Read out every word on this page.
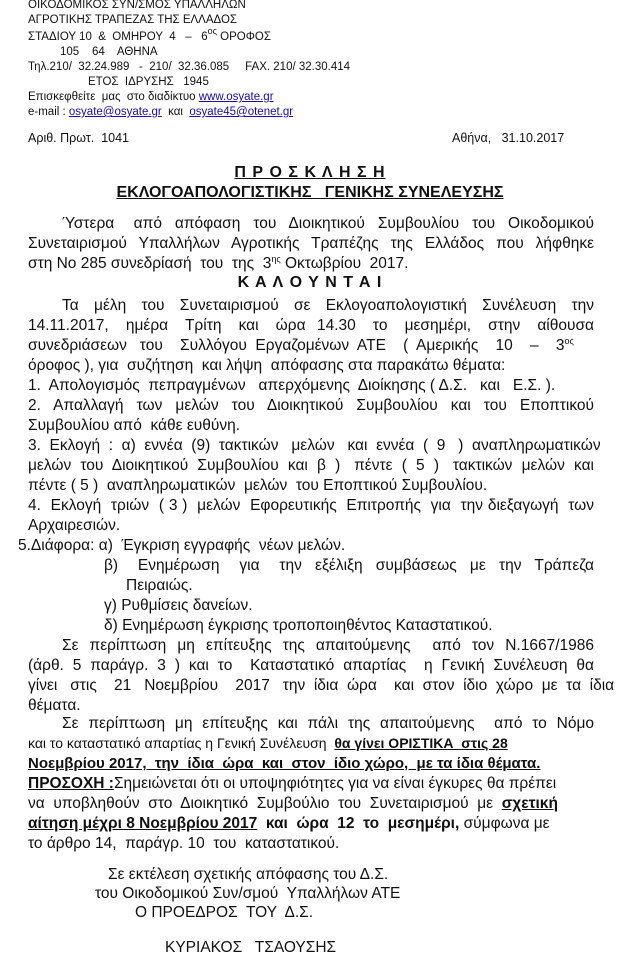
ΟΙΚΟΔΟΜΙΚΟΣ ΣΥΝ/ΣΜΟΣ ΥΠΑΛΛΗΛΩΝ
ΑΓΡΟΤΙΚΗΣ ΤΡΑΠΕΖΑΣ ΤΗΣ ΕΛΛΑΔΟΣ
ΣΤΑΔΙΟΥ 10  &  ΟΜΗΡΟΥ  $4 - 6^{o\varsigma}$ ΟΡΟΦΟΣ
105    64    ΑΘΗΝΑ
Τηλ.210/  32.24.989   -  210/  32.36.085     FAX. 210/ 32.30.414
ΕΤΟΣ  ΙΔΡΥΣΗΣ   1945
Επισκεφθείτε  μας  στο διαδίκτυο www.osyate.gr
e-mail : osyate@osyate.gr  και  osyate45@otenet.gr
Αριθ. Πρωτ.  1041	Αθήνα,   31.10.2017
Π Ρ Ο Σ Κ Λ Η Σ Η
ΕΚΛΟΓΟΑΠΟΛΟΓΙΣΤΙΚΗΣ   ΓΕΝΙΚΗΣ ΣΥΝΕΛΕΥΣΗΣ
Ύστερα   από  απόφαση  του  Διοικητικού  Συμβουλίου  του  Οικοδομικού
Συνεταιρισμού  Υπαλλήλων  Αγροτικής  Τραπέζης  της  Ελλάδος  που  λήφθηκε
στη No 285 συνεδρίασή  του  της  $3^{\eta\varsigma}$ Οκτωβρίου  2017.
Κ Α Λ Ο Υ Ν Τ Α Ι
Τα  μέλη  του  Συνεταιρισμού  σε  Εκλογοαπολογιστική  Συνέλευση  την
14.11.2017,   ημέρα   Τρίτη   και   ώρα  14.30   το   μεσημέρι,   στην   αίθουσα
συνεδριάσεων   του    Συλλόγου  Εργαζομένων  ΑΤΕ    (  Αμερικής    10    –    $3^{o\varsigma}$
όροφος ), για  συζήτηση  και λήψη  απόφασης στα παρακάτω θέματα:
1.  Απολογισμός  πεπραγμένων   απερχόμενης  Διοίκησης ( Δ.Σ.   και   Ε.Σ. ).
2.  Απαλλαγή  των  μελών  του  Διοικητικού  Συμβουλίου  και  του  Εποπτικού
Συμβουλίου από  κάθε ευθύνη.
3.  Εκλογή  :  α)  εννέα  (9)  τακτικών   μελών   και  εννέα  (  9   )  αναπληρωματικών
μελών  του  Διοικητικού  Συμβουλίου  και  β  )   πέντε  (  5  )   τακτικών  μελών  και
πέντε ( 5 )  αναπληρωματικών  μελών  του Εποπτικού Συμβουλίου.
4.  Εκλογή  τριών  ( 3 )  μελών  Εφορευτικής  Επιτροπής  για  την διεξαγωγή  των
Αρχαιρεσιών.
5.Διάφορα: α)  Έγκριση εγγραφής  νέων μελών.
β)   Ενημέρωση   για   την  εξέλιξη  συμβάσεως  με  την  Τράπεζα
Πειραιώς.
γ) Ρυθμίσεις δανείων.
δ) Ενημέρωση έγκρισης τροποποιηθέντος Καταστατικού.
Σε  περίπτωση  μη  επίτευξης  της  απαιτούμενης    από  τον  Ν.1667/1986
(άρθ.  5  παράγρ.  3  )  και  το    Καταστατικό  απαρτίας    η  Γενική  Συνέλευση  θα
γίνει   στις    21   Νοεμβρίου    2017   την  ίδια  ώρα    και  στον  ίδιο  χώρο  με  τα  ίδια
θέματα.
Σε  περίπτωση  μη  επίτευξης  και  πάλι  της  απαιτούμενης    από  το  Νόμο
και το καταστατικό απαρτίας η Γενική Συνέλευση  θα γίνει ΟΡΙΣΤΙΚΑ  στις 28
Νοεμβρίου 2017,  την  ίδια  ώρα  και  στον  ίδιο χώρο,  με τα ίδια θέματα.
ΠΡΟΣΟΧΗ :Σημειώνεται ότι οι υποψηφιότητες για να είναι έγκυρες θα πρέπει
να  υποβληθούν  στο  Διοικητικό  Συμβούλιο  του  Συνεταιρισμού  με  σχετική
αίτηση μέχρι 8 Νοεμβρίου 2017  και  ώρα  12  το  μεσημέρι, σύμφωνα με
το άρθρο 14,  παράγρ. 10  του  καταστατικού.
Σε εκτέλεση σχετικής απόφασης του Δ.Σ.
του Οικοδομικού Συν/σμού  Υπαλλήλων ΑΤΕ
Ο ΠΡΟΕΔΡΟΣ  ΤΟΥ  Δ.Σ.
ΚΥΡΙΑΚΟΣ   ΤΣΑΟΥΣΗΣ
